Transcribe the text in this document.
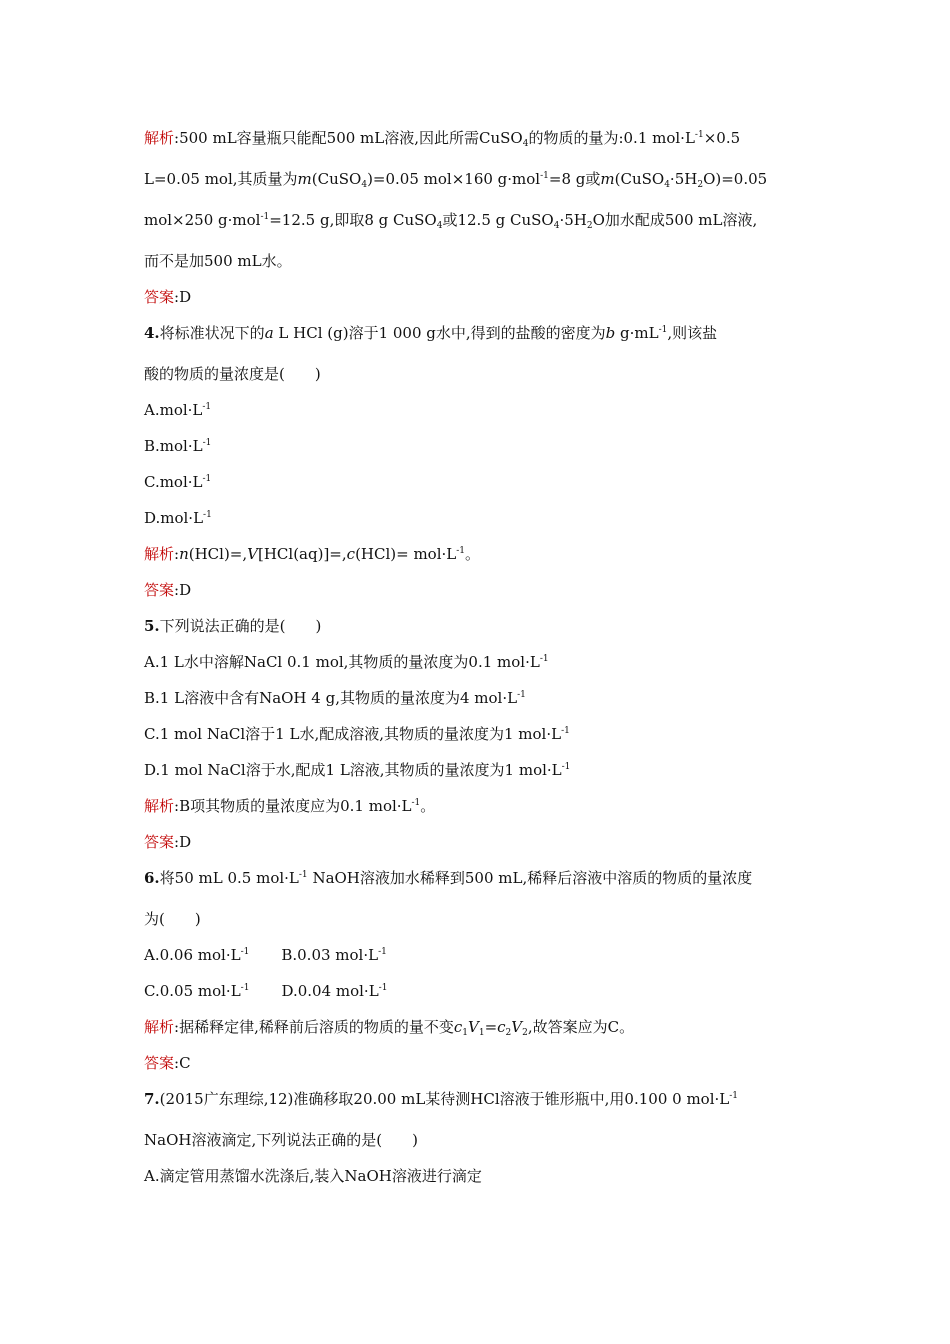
解析:500 mL容量瓶只能配500 mL溶液,因此所需CuSO$_4$的物质的量为:0.1 $mol\cdot L^{-1}\times 0.5$
L=0.05 mol,其质量为m(CuSO$_4$)=0.05 mol×160 g·mol$^{-1}$=8 g或$m(CuSO_4\cdot 5H_2O)=0.05$
mol×250 g·mol$^{-1}$=12.5 g,即取8 g CuSO$_4$或12.5 g $CuSO_4\cdot 5H_2O$加水配成500 mL溶液,
而不是加500 mL水。
答案:D
4.将标准状况下的a L HCl (g)溶于1 000 g水中,得到的盐酸的密度为b $g\cdot mL^{-1}$,则该盐
酸的物质的量浓度是(　　)
$A.mol\cdot L^{-1}$
$B.mol\cdot L^{-1}$
$C.mol\cdot L^{-1}$
$D.mol\cdot L^{-1}$
解析:n(HCl)=,V[HCl(aq)]=,c(HCl)= $mol\cdot L^{-1}$。
答案:D
5.下列说法正确的是(　　)
A.1 L水中溶解NaCl 0.1 mol,其物质的量浓度为0.1 $mol\cdot L^{-1}$
B.1 L溶液中含有NaOH 4 g,其物质的量浓度为4 $mol\cdot L^{-1}$
C.1 mol NaCl溶于1 L水,配成溶液,其物质的量浓度为1 $mol\cdot L^{-1}$
D.1 mol NaCl溶于水,配成1 L溶液,其物质的量浓度为1 $mol\cdot L^{-1}$
解析:B项其物质的量浓度应为0.1 $mol\cdot L^{-1}$。
答案:D
6.将50 mL 0.5 $mol\cdot L^{-1}$ NaOH溶液加水稀释到500 mL,稀释后溶液中溶质的物质的量浓度
为(　　)
A.0.06 $mol\cdot L^{-1}$ B.0.03 $mol\cdot L^{-1}$
C.0.05 $mol\cdot L^{-1}$ D.0.04 $mol\cdot L^{-1}$
解析:据稀释定律,稀释前后溶质的物质的量不变$c_1V_1=c_2V_2$,故答案应为C。
答案:C
7.(2015广东理综,12)准确移取20.00 mL某待测HCl溶液于锥形瓶中,用0.100 0 $mol\cdot L^{-1}$
NaOH溶液滴定,下列说法正确的是(　　)
A.滴定管用蒸馏水洗涤后,装入NaOH溶液进行滴定
